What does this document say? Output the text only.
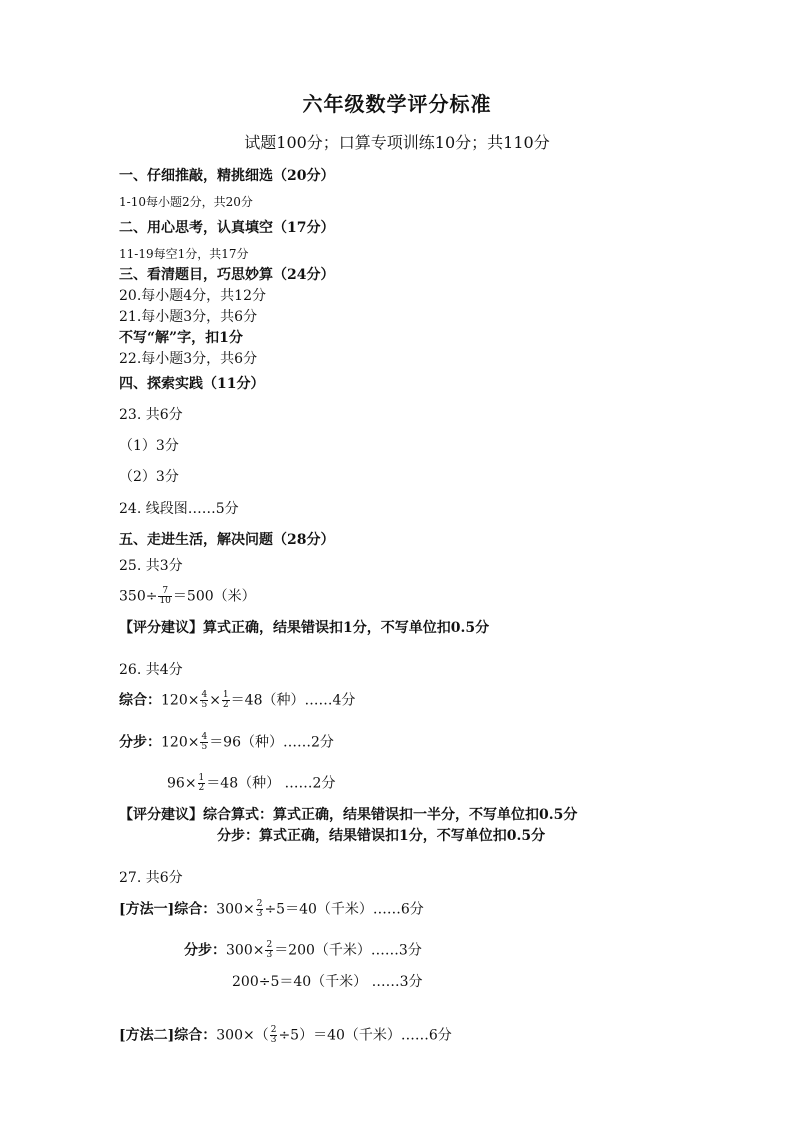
六年级数学评分标准
试题100分；口算专项训练10分；共110分
一、仔细推敲，精挑细选（20分）
1-10每小题2分，共20分
二、用心思考，认真填空（17分）
11-19每空1分，共17分
三、看清题目，巧思妙算（24分）
20.每小题4分，共12分
21.每小题3分，共6分
不写“解”字，扣1分
22.每小题3分，共6分
四、探索实践（11分）
23. 共6分
（1）3分
（2）3分
24. 线段图……5分
五、走进生活，解决问题（28分）
25. 共3分
$350\div \frac{7}{10} =500$（米）
【评分建议】算式正确，结果错误扣1分，不写单位扣0.5分
26. 共4分
综合：$120\times \frac{4}{5} \times \frac{1}{2} =48$（种）……4分
分步：$120\times \frac{4}{5} =96$（种）……2分
$96\times \frac{1}{2} =48$（种） ……2分
【评分建议】综合算式：算式正确，结果错误扣一半分，不写单位扣0.5分
分步：算式正确，结果错误扣1分，不写单位扣0.5分
27. 共6分
[方法一]综合：$300\times \frac{2}{3} \div 5=40$（千米）……6分
分步：$300\times \frac{2}{3} =200$（千米）……3分
200÷5＝40（千米） ……3分
[方法二]综合：$300\times( \frac{2}{3} \div 5)=40$（千米）……6分
